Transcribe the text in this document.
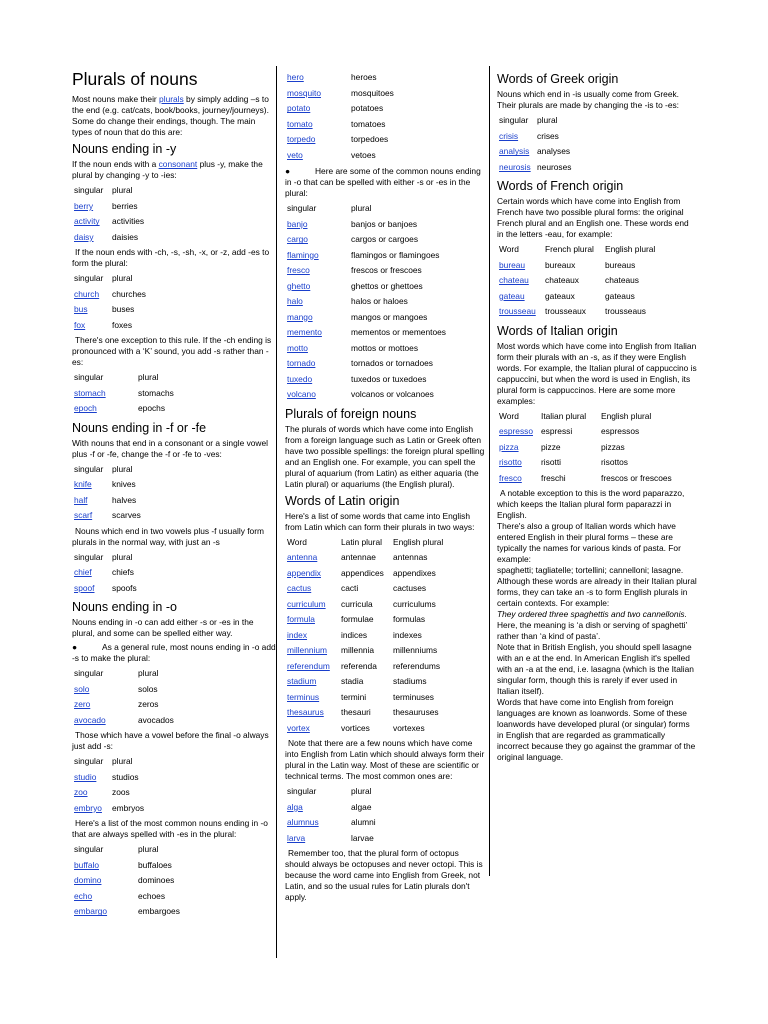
Plurals of nouns

Most nouns make their plurals by simply adding –s to the end (e.g. cat/cats, book/books, journey/journeys). Some do change their endings, though. The main types of noun that do this are:

Nouns ending in -y

If the noun ends with a consonant plus -y, make the plural by changing -y to -ies:

singular	plural
berry	berries
activity	activities
daisy	daisies

If the noun ends with -ch, -s, -sh, -x, or -z, add -es to form the plural:

singular	plural
church	churches
bus	buses
fox	foxes

There's one exception to this rule. If the -ch ending is pronounced with a ‘K’ sound, you add -s rather than -es:

singular	plural
stomach	stomachs
epoch	epochs
Nouns ending in -f or -fe

With nouns that end in a consonant or a single vowel plus -f or -fe, change the -f or -fe to -ves:

singular	plural
knife	knives
half	halves
scarf	scarves

Nouns which end in two vowels plus -f usually form plurals in the normal way, with just an -s

singular	plural
chief	chiefs
spoof	spoofs
Nouns ending in -o

Nouns ending in -o can add either -s or -es in the plural, and some can be spelled either way.

●	As a general rule, most nouns ending in -o add -s to make the plural:

singular	plural
solo	solos
zero	zeros
avocado	avocados

Those which have a vowel before the final -o always just add -s:

singular	plural
studio	studios
zoo	zoos
embryo	embryos

Here's a list of the most common nouns ending in -o that are always spelled with -es in the plural:

singular	plural
buffalo	buffaloes
domino	dominoes
echo	echoes
embargo	embargoes
hero	heroes
mosquito	mosquitoes
potato	potatoes
tomato	tomatoes
torpedo	torpedoes
veto	vetoes

●	Here are some of the common nouns ending in -o that can be spelled with either -s or -es in the plural:

singular	plural
banjo	banjos or banjoes
cargo	cargos or cargoes
flamingo	flamingos or flamingoes
fresco	frescos or frescoes
ghetto	ghettos or ghettoes
halo	halos or haloes
mango	mangos or mangoes
memento	mementos or mementoes
motto	mottos or mottoes
tornado	tornados or tornadoes
tuxedo	tuxedos or tuxedoes
volcano	volcanos or volcanoes
Plurals of foreign nouns

The plurals of words which have come into English from a foreign language such as Latin or Greek often have two possible spellings: the foreign plural spelling and an English one. For example, you can spell the plural of aquarium (from Latin) as either aquaria (the Latin plural) or aquariums (the English plural).

Words of Latin origin

Here's a list of some words that came into English from Latin which can form their plurals in two ways:

Word	Latin plural	English plural
antenna	antennae	antennas
appendix	appendices	appendixes
cactus	cacti	cactuses
curriculum	curricula	curriculums
formula	formulae	formulas
index	indices	indexes
millennium	millennia	millenniums
referendum	referenda	referendums
stadium	stadia	stadiums
terminus	termini	terminuses
thesaurus	thesauri	thesauruses
vortex	vortices	vortexes

Note that there are a few nouns which have come into English from Latin which should always form their plural in the Latin way. Most of these are scientific or technical terms. The most common ones are:

singular	plural
alga	algae
alumnus	alumni
larva	larvae

Remember too, that the plural form of octopus should always be octopuses and never octopi. This is because the word came into English from Greek, not Latin, and so the usual rules for Latin plurals don't apply.

Words of Greek origin

Nouns which end in -is usually come from Greek. Their plurals are made by changing the -is to -es:

singular	plural
crisis	crises
analysis analyses
neurosis neuroses
Words of French origin

Certain words which have come into English from French have two possible plural forms: the original French plural and an English one. These words end in the letters -eau, for example:

Word	French plural	English plural
bureau	bureaux	bureaus
chateau	chateaux	chateaus
gateau	gateaux	gateaus
trousseau	trousseaux	trousseaus
Words of Italian origin

Most words which have come into English from Italian form their plurals with an -s, as if they were English words. For example, the Italian plural of cappuccino is cappuccini, but when the word is used in English, its plural form is cappuccinos. Here are some more examples:

Word	Italian plural	English plural
espresso espressi	espressos
pizza	pizze	pizzas
risotto	risotti	risottos
fresco	freschi	frescos or frescoes

A notable exception to this is the word paparazzo, which keeps the Italian plural form paparazzi in English.

There's also a group of Italian words which have entered English in their plural forms – these are typically the names for various kinds of pasta. For example:

spaghetti; tagliatelle; tortellini; cannelloni; lasagne.

Although these words are already in their Italian plural forms, they can take an -s to form English plurals in certain contexts. For example:

They ordered three spaghettis and two cannellonis.

Here, the meaning is ‘a dish or serving of spaghetti’ rather than ‘a kind of pasta’.

Note that in British English, you should spell lasagne with an e at the end. In American English it's spelled with an -a at the end, i.e. lasagna (which is the Italian singular form, though this is rarely if ever used in Italian itself).

Words that have come into English from foreign languages are known as loanwords. Some of these loanwords have developed plural (or singular) forms in English that are regarded as grammatically incorrect because they go against the grammar of the original language.
